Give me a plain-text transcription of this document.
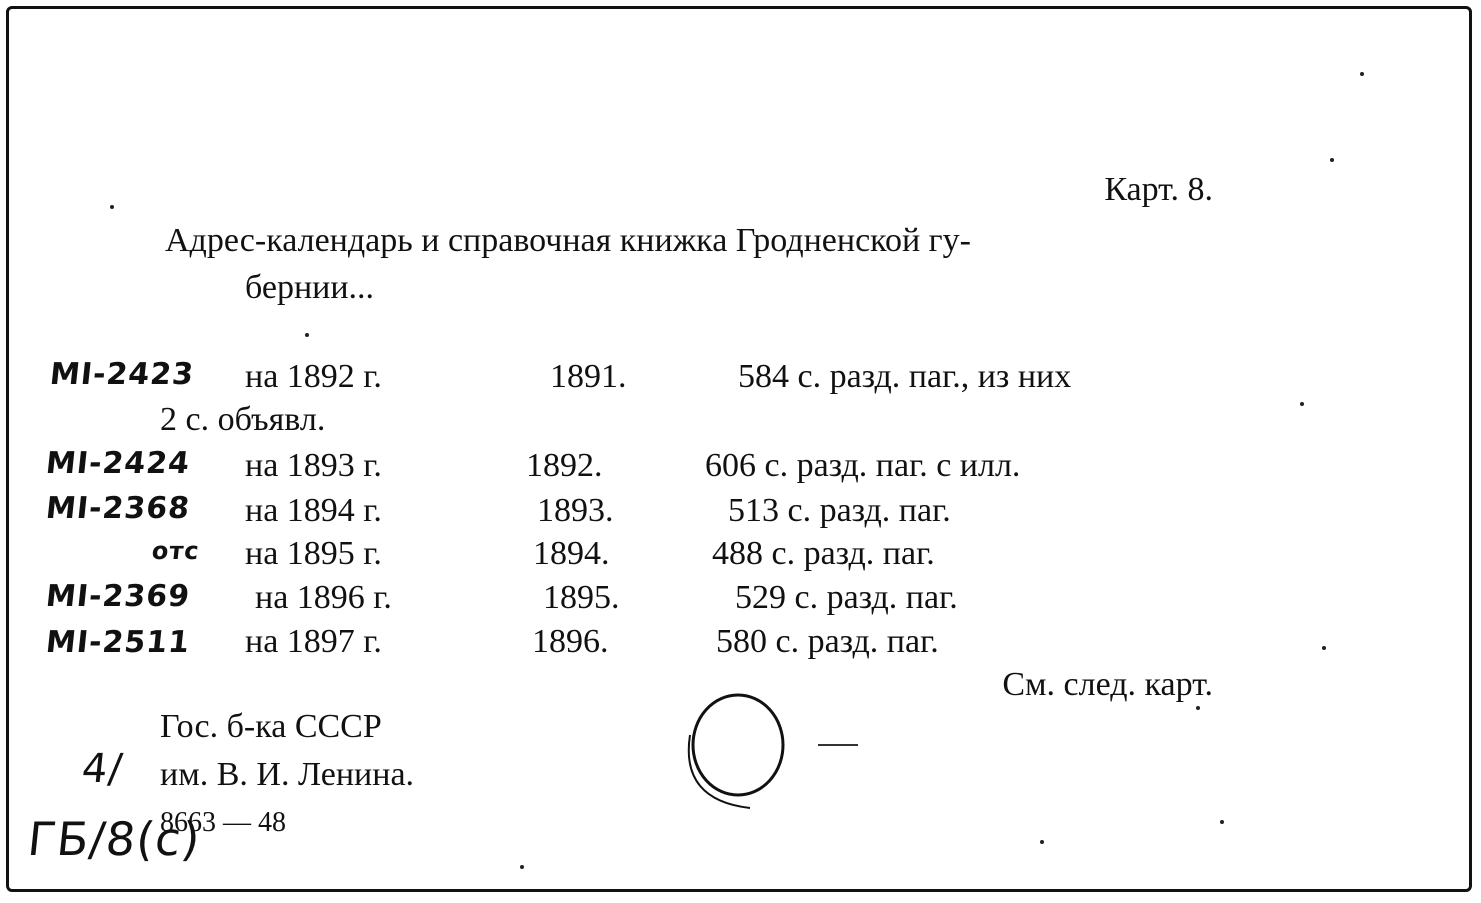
Карт. 8.
Адрес-календарь и справочная книжка Гродненской гу-
бернии...
MI-2423 на 1892 г.	1891.	584 с. разд. паг., из них
2 с. объявл.
MI-2424 на 1893 г.	1892.	606 с. разд. паг. с илл.
MI-2368 на 1894 г.	1893.	513 с. разд. паг.
отс на 1895 г.	1894.	488 с. разд. паг.
MI-2369 на 1896 г.	1895.	529 с. разд. паг.
MI-2511 на 1897 г.	1896.	580 с. разд. паг.
См. след. карт.
Гос. б-ка СССР
им. В. И. Ленина.
8663 — 48
4/
ГБ/8(с)
